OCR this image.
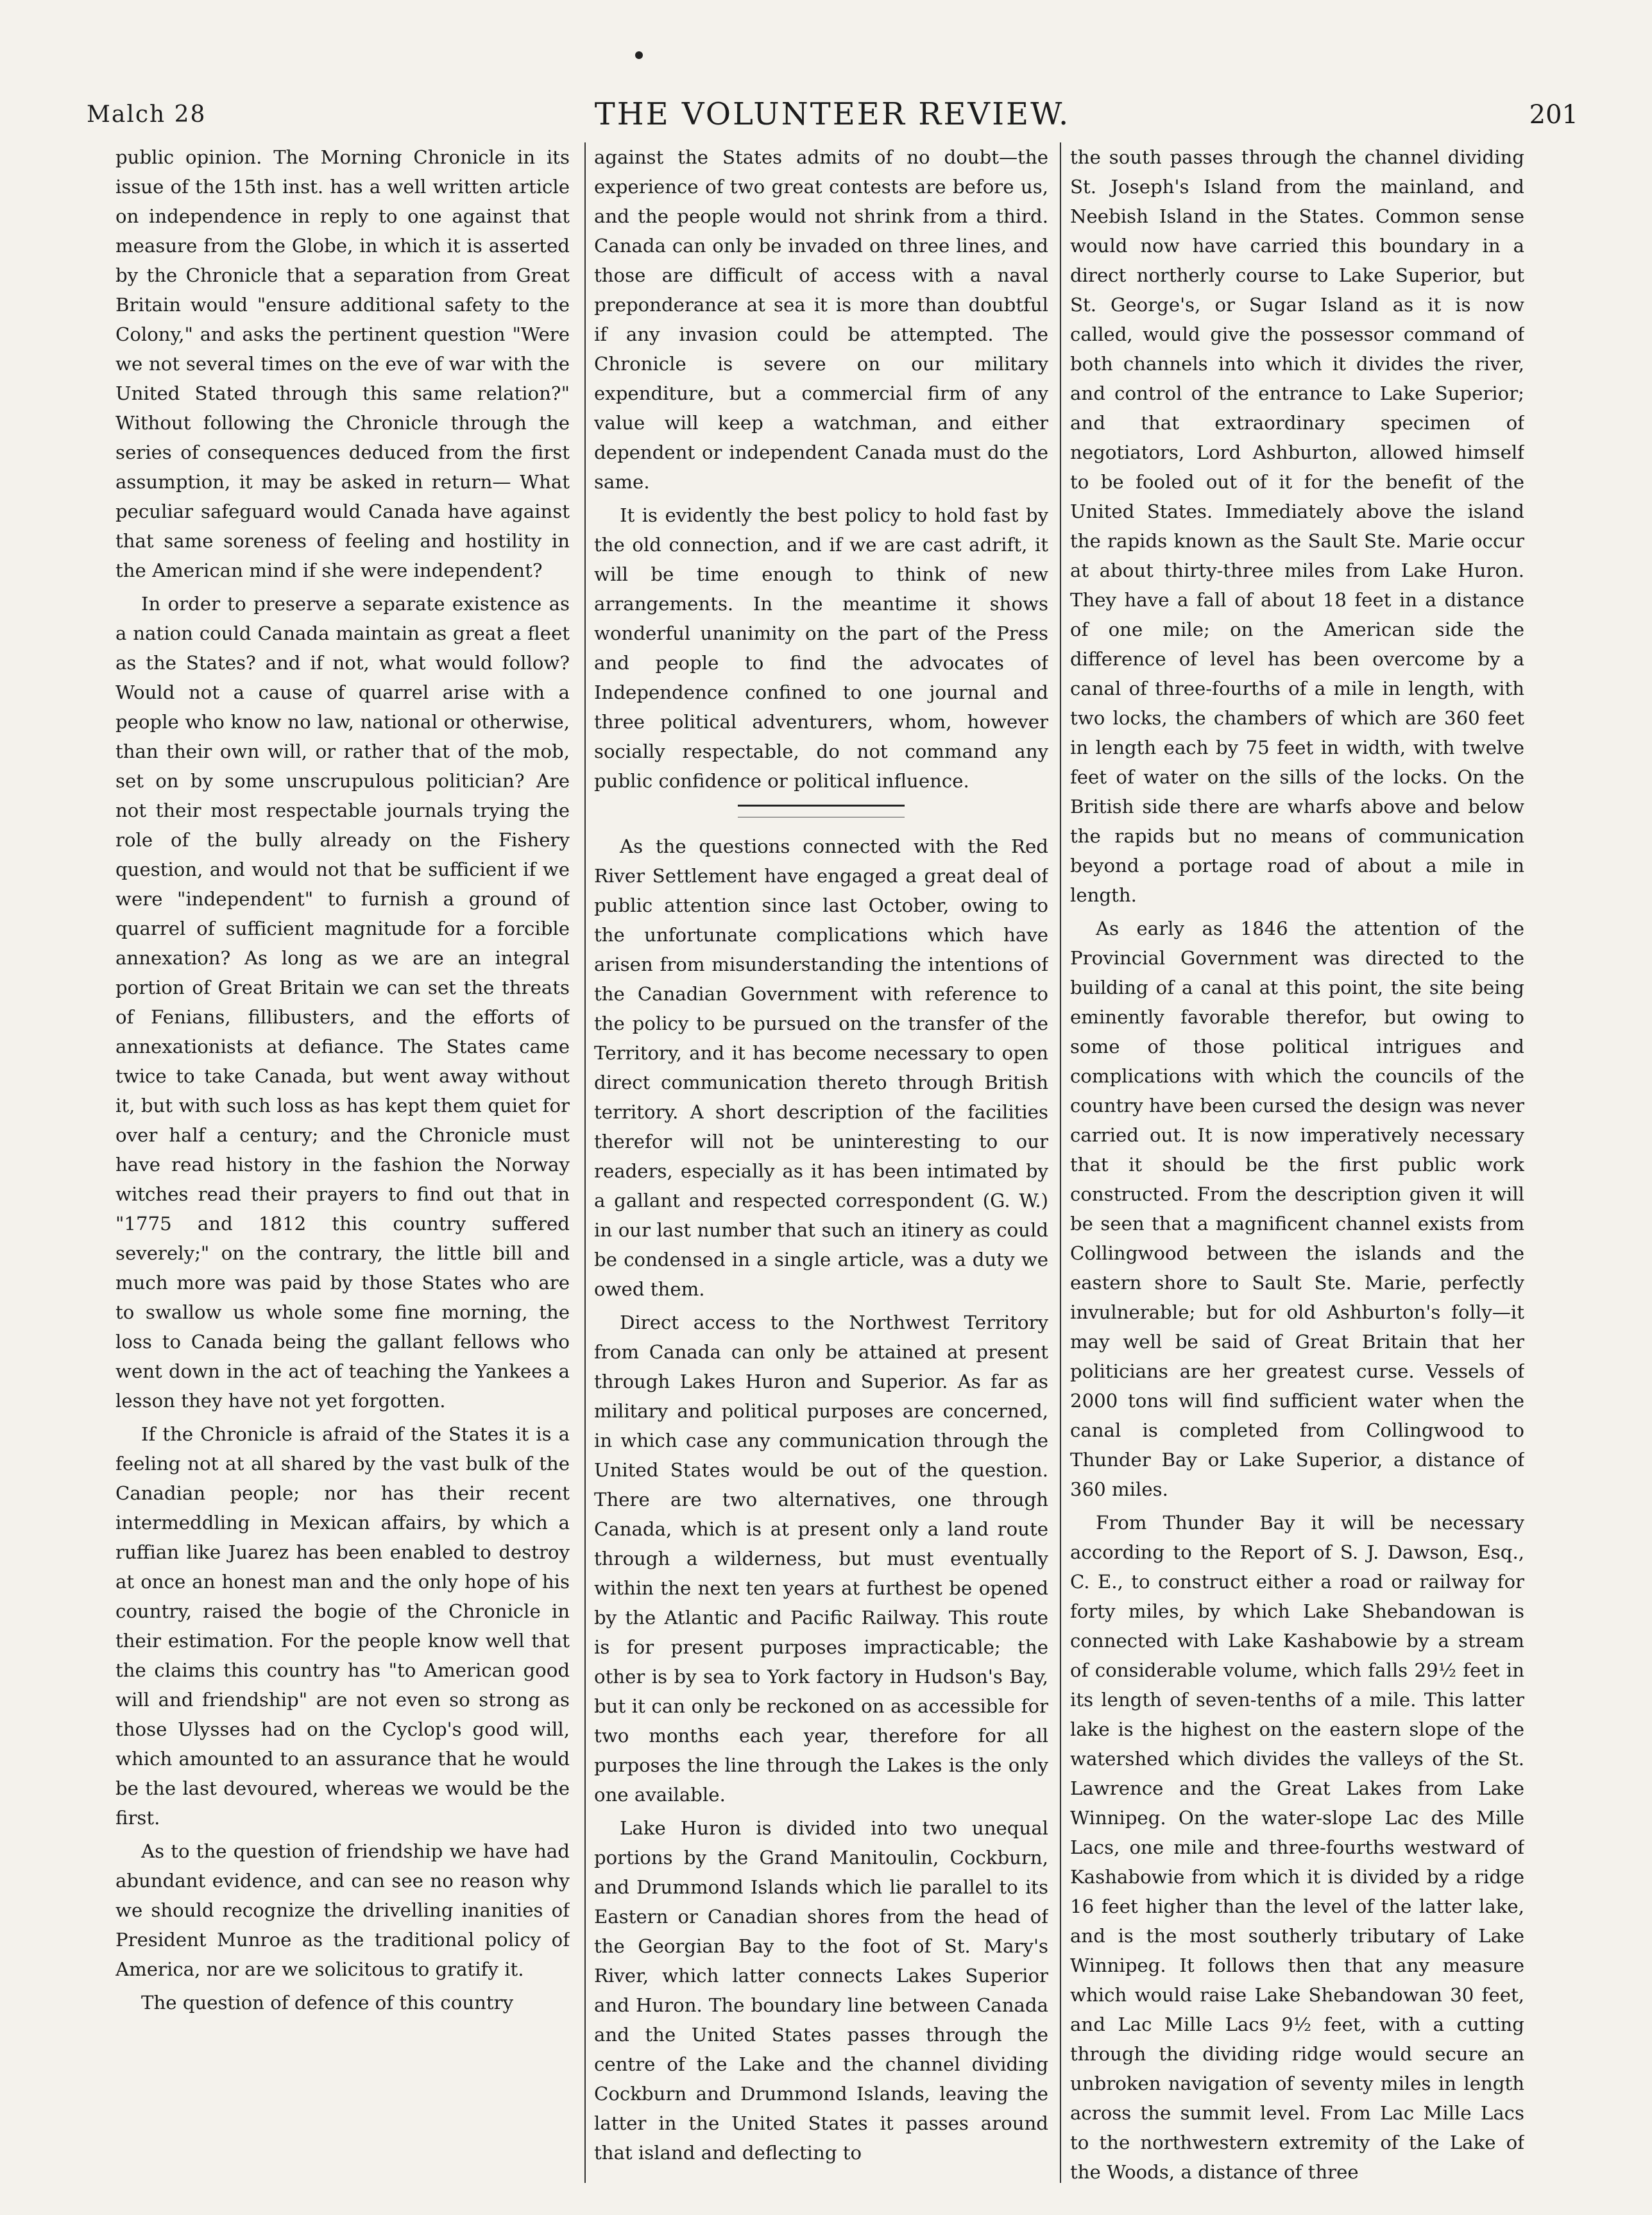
Malch 28	THE VOLUNTEER REVIEW.	201

public opinion. The Morning Chronicle in its issue of the 15th inst. has a well written article on independence in reply to one against that measure from the Globe, in which it is asserted by the Chronicle that a separation from Great Britain would "ensure additional safety to the Colony," and asks the pertinent question "Were we not several times on the eve of war with the United Stated through this same relation?" Without following the Chronicle through the series of consequences deduced from the first assumption, it may be asked in return— What peculiar safeguard would Canada have against that same soreness of feeling and hostility in the American mind if she were independent?

In order to preserve a separate existence as a nation could Canada maintain as great a fleet as the States? and if not, what would follow? Would not a cause of quarrel arise with a people who know no law, national or otherwise, than their own will, or rather that of the mob, set on by some unscrupulous politician? Are not their most respectable journals trying the role of the bully already on the Fishery question, and would not that be sufficient if we were "independent" to furnish a ground of quarrel of sufficient magnitude for a forcible annexation? As long as we are an integral portion of Great Britain we can set the threats of Fenians, fillibusters, and the efforts of annexationists at defiance. The States came twice to take Canada, but went away without it, but with such loss as has kept them quiet for over half a century; and the Chronicle must have read history in the fashion the Norway witches read their prayers to find out that in "1775 and 1812 this country suffered severely;" on the contrary, the little bill and much more was paid by those States who are to swallow us whole some fine morning, the loss to Canada being the gallant fellows who went down in the act of teaching the Yankees a lesson they have not yet forgotten.

If the Chronicle is afraid of the States it is a feeling not at all shared by the vast bulk of the Canadian people; nor has their recent intermeddling in Mexican affairs, by which a ruffian like Juarez has been enabled to destroy at once an honest man and the only hope of his country, raised the bogie of the Chronicle in their estimation. For the people know well that the claims this country has "to American good will and friendship" are not even so strong as those Ulysses had on the Cyclop's good will, which amounted to an assurance that he would be the last devoured, whereas we would be the first.

As to the question of friendship we have had abundant evidence, and can see no reason why we should recognize the drivelling inanities of President Munroe as the traditional policy of America, nor are we solicitous to gratify it.

The question of defence of this country

against the States admits of no doubt—the experience of two great contests are before us, and the people would not shrink from a third. Canada can only be invaded on three lines, and those are difficult of access with a naval preponderance at sea it is more than doubtful if any invasion could be attempted. The Chronicle is severe on our military expenditure, but a commercial firm of any value will keep a watchman, and either dependent or independent Canada must do the same.

It is evidently the best policy to hold fast by the old connection, and if we are cast adrift, it will be time enough to think of new arrangements. In the meantime it shows wonderful unanimity on the part of the Press and people to find the advocates of Independence confined to one journal and three political adventurers, whom, however socially respectable, do not command any public confidence or political influence.

As the questions connected with the Red River Settlement have engaged a great deal of public attention since last October, owing to the unfortunate complications which have arisen from misunderstanding the intentions of the Canadian Government with reference to the policy to be pursued on the transfer of the Territory, and it has become necessary to open direct communication thereto through British territory. A short description of the facilities therefor will not be uninteresting to our readers, especially as it has been intimated by a gallant and respected correspondent (G. W.) in our last number that such an itinery as could be condensed in a single article, was a duty we owed them.

Direct access to the Northwest Territory from Canada can only be attained at present through Lakes Huron and Superior. As far as military and political purposes are concerned, in which case any communication through the United States would be out of the question. There are two alternatives, one through Canada, which is at present only a land route through a wilderness, but must eventually within the next ten years at furthest be opened by the Atlantic and Pacific Railway. This route is for present purposes impracticable; the other is by sea to York factory in Hudson's Bay, but it can only be reckoned on as accessible for two months each year, therefore for all purposes the line through the Lakes is the only one available.

Lake Huron is divided into two unequal portions by the Grand Manitoulin, Cockburn, and Drummond Islands which lie parallel to its Eastern or Canadian shores from the head of the Georgian Bay to the foot of St. Mary's River, which latter connects Lakes Superior and Huron. The boundary line between Canada and the United States passes through the centre of the Lake and the channel dividing Cockburn and Drummond Islands, leaving the latter in the United States it passes around that island and deflecting to

the south passes through the channel dividing St. Joseph's Island from the mainland, and Neebish Island in the States. Common sense would now have carried this boundary in a direct northerly course to Lake Superior, but St. George's, or Sugar Island as it is now called, would give the possessor command of both channels into which it divides the river, and control of the entrance to Lake Superior; and that extraordinary specimen of negotiators, Lord Ashburton, allowed himself to be fooled out of it for the benefit of the United States. Immediately above the island the rapids known as the Sault Ste. Marie occur at about thirty-three miles from Lake Huron. They have a fall of about 18 feet in a distance of one mile; on the American side the difference of level has been overcome by a canal of three-fourths of a mile in length, with two locks, the chambers of which are 360 feet in length each by 75 feet in width, with twelve feet of water on the sills of the locks. On the British side there are wharfs above and below the rapids but no means of communication beyond a portage road of about a mile in length.

As early as 1846 the attention of the Provincial Government was directed to the building of a canal at this point, the site being eminently favorable therefor, but owing to some of those political intrigues and complications with which the councils of the country have been cursed the design was never carried out. It is now imperatively necessary that it should be the first public work constructed. From the description given it will be seen that a magnificent channel exists from Collingwood between the islands and the eastern shore to Sault Ste. Marie, perfectly invulnerable; but for old Ashburton's folly—it may well be said of Great Britain that her politicians are her greatest curse. Vessels of 2000 tons will find sufficient water when the canal is completed from Collingwood to Thunder Bay or Lake Superior, a distance of 360 miles.

From Thunder Bay it will be necessary according to the Report of S. J. Dawson, Esq., C. E., to construct either a road or railway for forty miles, by which Lake Shebandowan is connected with Lake Kashabowie by a stream of considerable volume, which falls 29½ feet in its length of seven-tenths of a mile. This latter lake is the highest on the eastern slope of the watershed which divides the valleys of the St. Lawrence and the Great Lakes from Lake Winnipeg. On the water-slope Lac des Mille Lacs, one mile and three-fourths westward of Kashabowie from which it is divided by a ridge 16 feet higher than the level of the latter lake, and is the most southerly tributary of Lake Winnipeg. It follows then that any measure which would raise Lake Shebandowan 30 feet, and Lac Mille Lacs 9½ feet, with a cutting through the dividing ridge would secure an unbroken navigation of seventy miles in length across the summit level. From Lac Mille Lacs to the northwestern extremity of the Lake of the Woods, a distance of three
